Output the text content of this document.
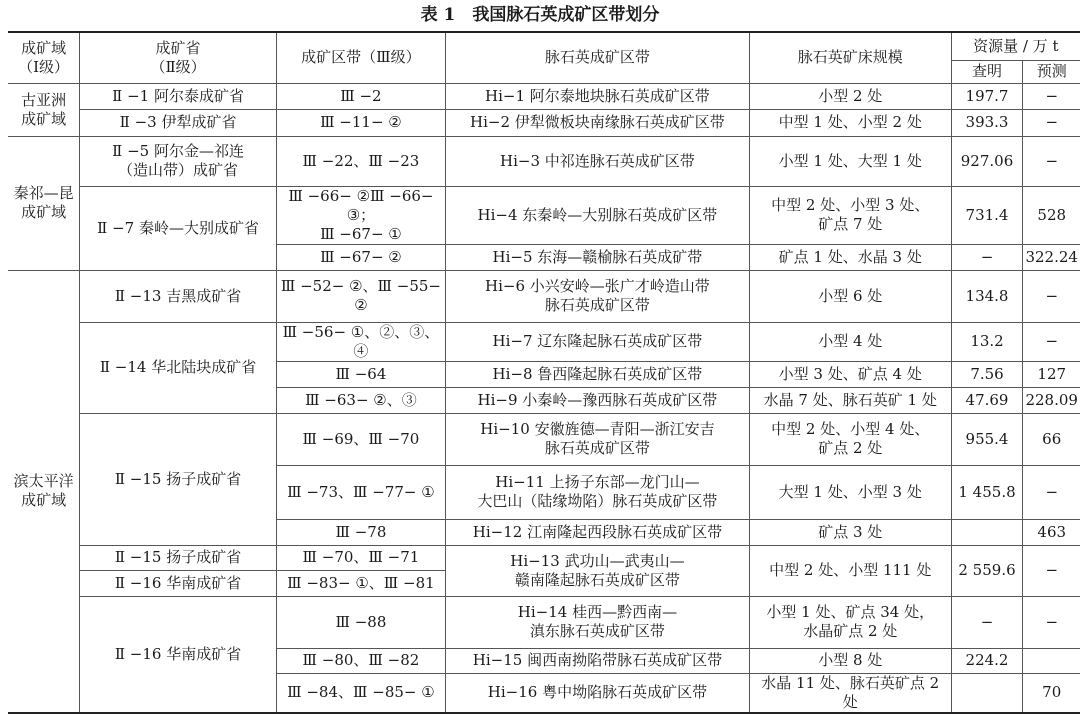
表 1　我国脉石英成矿区带划分
成矿域
（Ⅰ级）	成矿省
（Ⅱ级）	成矿区带（Ⅲ级）	脉石英成矿区带	脉石英矿床规模	资源量 / 万 t	
					查明	预测
古亚洲
成矿域	Ⅱ −1 阿尔泰成矿省	Ⅲ −2	Hi−1 阿尔泰地块脉石英成矿区带	小型 2 处	197.7	−
	Ⅱ −3 伊犁成矿省	Ⅲ −11− ②	Hi−2 伊犁微板块南缘脉石英成矿区带	中型 1 处、小型 2 处	393.3	−
秦祁—昆
成矿域	Ⅱ −5 阿尔金—祁连
（造山带）成矿省	Ⅲ −22、Ⅲ −23	Hi−3 中祁连脉石英成矿区带	小型 1 处、大型 1 处	927.06	−
	Ⅱ −7 秦岭—大别成矿省	Ⅲ −66− ②Ⅲ −66− ③；
Ⅲ −67− ①	Hi−4 东秦岭—大别脉石英成矿区带	中型 2 处、小型 3 处、
矿点 7 处	731.4	528
		Ⅲ −67− ②	Hi−5 东海—赣榆脉石英成矿带	矿点 1 处、水晶 3 处	−	322.24
滨太平洋
成矿域	Ⅱ −13 吉黑成矿省	Ⅲ −52− ②、Ⅲ −55− ②	Hi−6 小兴安岭—张广才岭造山带
脉石英成矿区带	小型 6 处	134.8	−
	Ⅱ −14 华北陆块成矿省	Ⅲ −56− ①、②、③、④	Hi−7 辽东隆起脉石英成矿区带	小型 4 处	13.2	−
		Ⅲ −64	Hi−8 鲁西隆起脉石英成矿区带	小型 3 处、矿点 4 处	7.56	127
		Ⅲ −63− ②、③	Hi−9 小秦岭—豫西脉石英成矿区带	水晶 7 处、脉石英矿 1 处	47.69	228.09
	Ⅱ −15 扬子成矿省	Ⅲ −69、Ⅲ −70	Hi−10 安徽旌德—青阳—浙江安吉
脉石英成矿区带	中型 2 处、小型 4 处、
矿点 2 处	955.4	66
		Ⅲ −73、Ⅲ −77− ①	Hi−11 上扬子东部—龙门山—
大巴山（陆缘坳陷）脉石英成矿区带	大型 1 处、小型 3 处	1 455.8	−
		Ⅲ −78	Hi−12 江南隆起西段脉石英成矿区带	矿点 3 处		463
	Ⅱ −15 扬子成矿省	Ⅲ −70、Ⅲ −71	Hi−13 武功山—武夷山—
赣南隆起脉石英成矿区带	中型 2 处、小型 111 处	2 559.6	−
	Ⅱ −16 华南成矿省	Ⅲ −83− ①、Ⅲ −81				
	Ⅱ −16 华南成矿省	Ⅲ −88	Hi−14 桂西—黔西南—
滇东脉石英成矿区带	小型 1 处、矿点 34 处，
水晶矿点 2 处	−	−
		Ⅲ −80、Ⅲ −82	Hi−15 闽西南拗陷带脉石英成矿区带	小型 8 处	224.2	
		Ⅲ −84、Ⅲ −85− ①	Hi−16 粤中坳陷脉石英成矿区带	水晶 11 处、脉石英矿点 2 处		70
